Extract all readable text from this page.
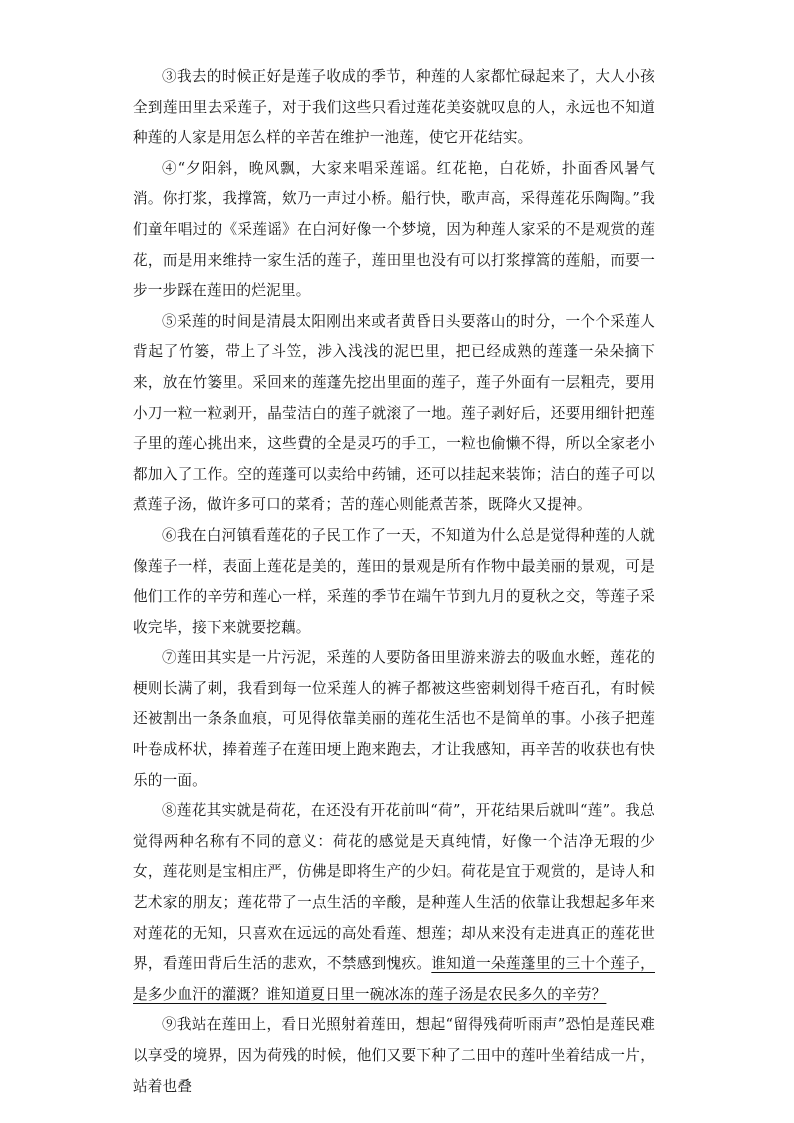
③我去的时候正好是莲子收成的季节，种莲的人家都忙碌起来了，大人小孩全到莲田里去采莲子，对于我们这些只看过莲花美姿就叹息的人，永远也不知道种莲的人家是用怎么样的辛苦在维护一池莲，使它开花结实。

④“夕阳斜，晚风飘，大家来唱采莲谣。红花艳，白花娇，扑面香风暑气消。你打浆，我撑篙，欸乃一声过小桥。船行快，歌声高，采得莲花乐陶陶。”我们童年唱过的《采莲谣》在白河好像一个梦境，因为种莲人家采的不是观赏的莲花，而是用来维持一家生活的莲子，莲田里也没有可以打浆撑篙的莲船，而要一步一步踩在莲田的烂泥里。

⑤采莲的时间是清晨太阳刚出来或者黄昏日头要落山的时分，一个个采莲人背起了竹篓，带上了斗笠，涉入浅浅的泥巴里，把已经成熟的莲蓬一朵朵摘下来，放在竹篓里。采回来的莲蓬先挖出里面的莲子，莲子外面有一层粗壳，要用小刀一粒一粒剥开，晶莹洁白的莲子就滚了一地。莲子剥好后，还要用细针把莲子里的莲心挑出来，这些費的全是灵巧的手工，一粒也偷懒不得，所以全家老小都加入了工作。空的莲蓬可以卖给中药铺，还可以挂起来装饰；洁白的莲子可以煮莲子汤，做许多可口的菜肴；苦的莲心则能煮苦茶，既降火又提神。

⑥我在白河镇看莲花的子民工作了一天，不知道为什么总是觉得种莲的人就像莲子一样，表面上莲花是美的，莲田的景观是所有作物中最美丽的景观，可是他们工作的辛劳和莲心一样，采莲的季节在端午节到九月的夏秋之交，等莲子采收完毕，接下来就要挖藕。

⑦莲田其实是一片污泥，采莲的人要防备田里游来游去的吸血水蛭，莲花的梗则长满了刺，我看到每一位采莲人的裤子都被这些密刺划得千疮百孔，有时候还被割出一条条血痕，可见得依靠美丽的莲花生活也不是简单的事。小孩子把莲叶卷成杯状，捧着莲子在莲田埂上跑来跑去，才让我感知，再辛苦的收获也有快乐的一面。

⑧莲花其实就是荷花，在还没有开花前叫“荷”，开花结果后就叫“莲”。我总觉得两种名称有不同的意义：荷花的感觉是天真纯情，好像一个洁净无瑕的少女，莲花则是宝相庄严，仿佛是即将生产的少妇。荷花是宜于观赏的，是诗人和艺术家的朋友；莲花带了一点生活的辛酸，是种莲人生活的依靠让我想起多年来对莲花的无知，只喜欢在远远的高处看莲、想莲；却从来没有走进真正的莲花世界，看莲田背后生活的悲欢，不禁感到愧疚。谁知道一朵莲蓬里的三十个莲子，是多少血汗的灌溉？谁知道夏日里一碗冰冻的莲子汤是农民多久的辛劳？

⑨我站在莲田上，看日光照射着莲田，想起“留得残荷听雨声”恐怕是莲民难以享受的境界，因为荷残的时候，他们又要下种了二田中的莲叶坐着结成一片，站着也叠
